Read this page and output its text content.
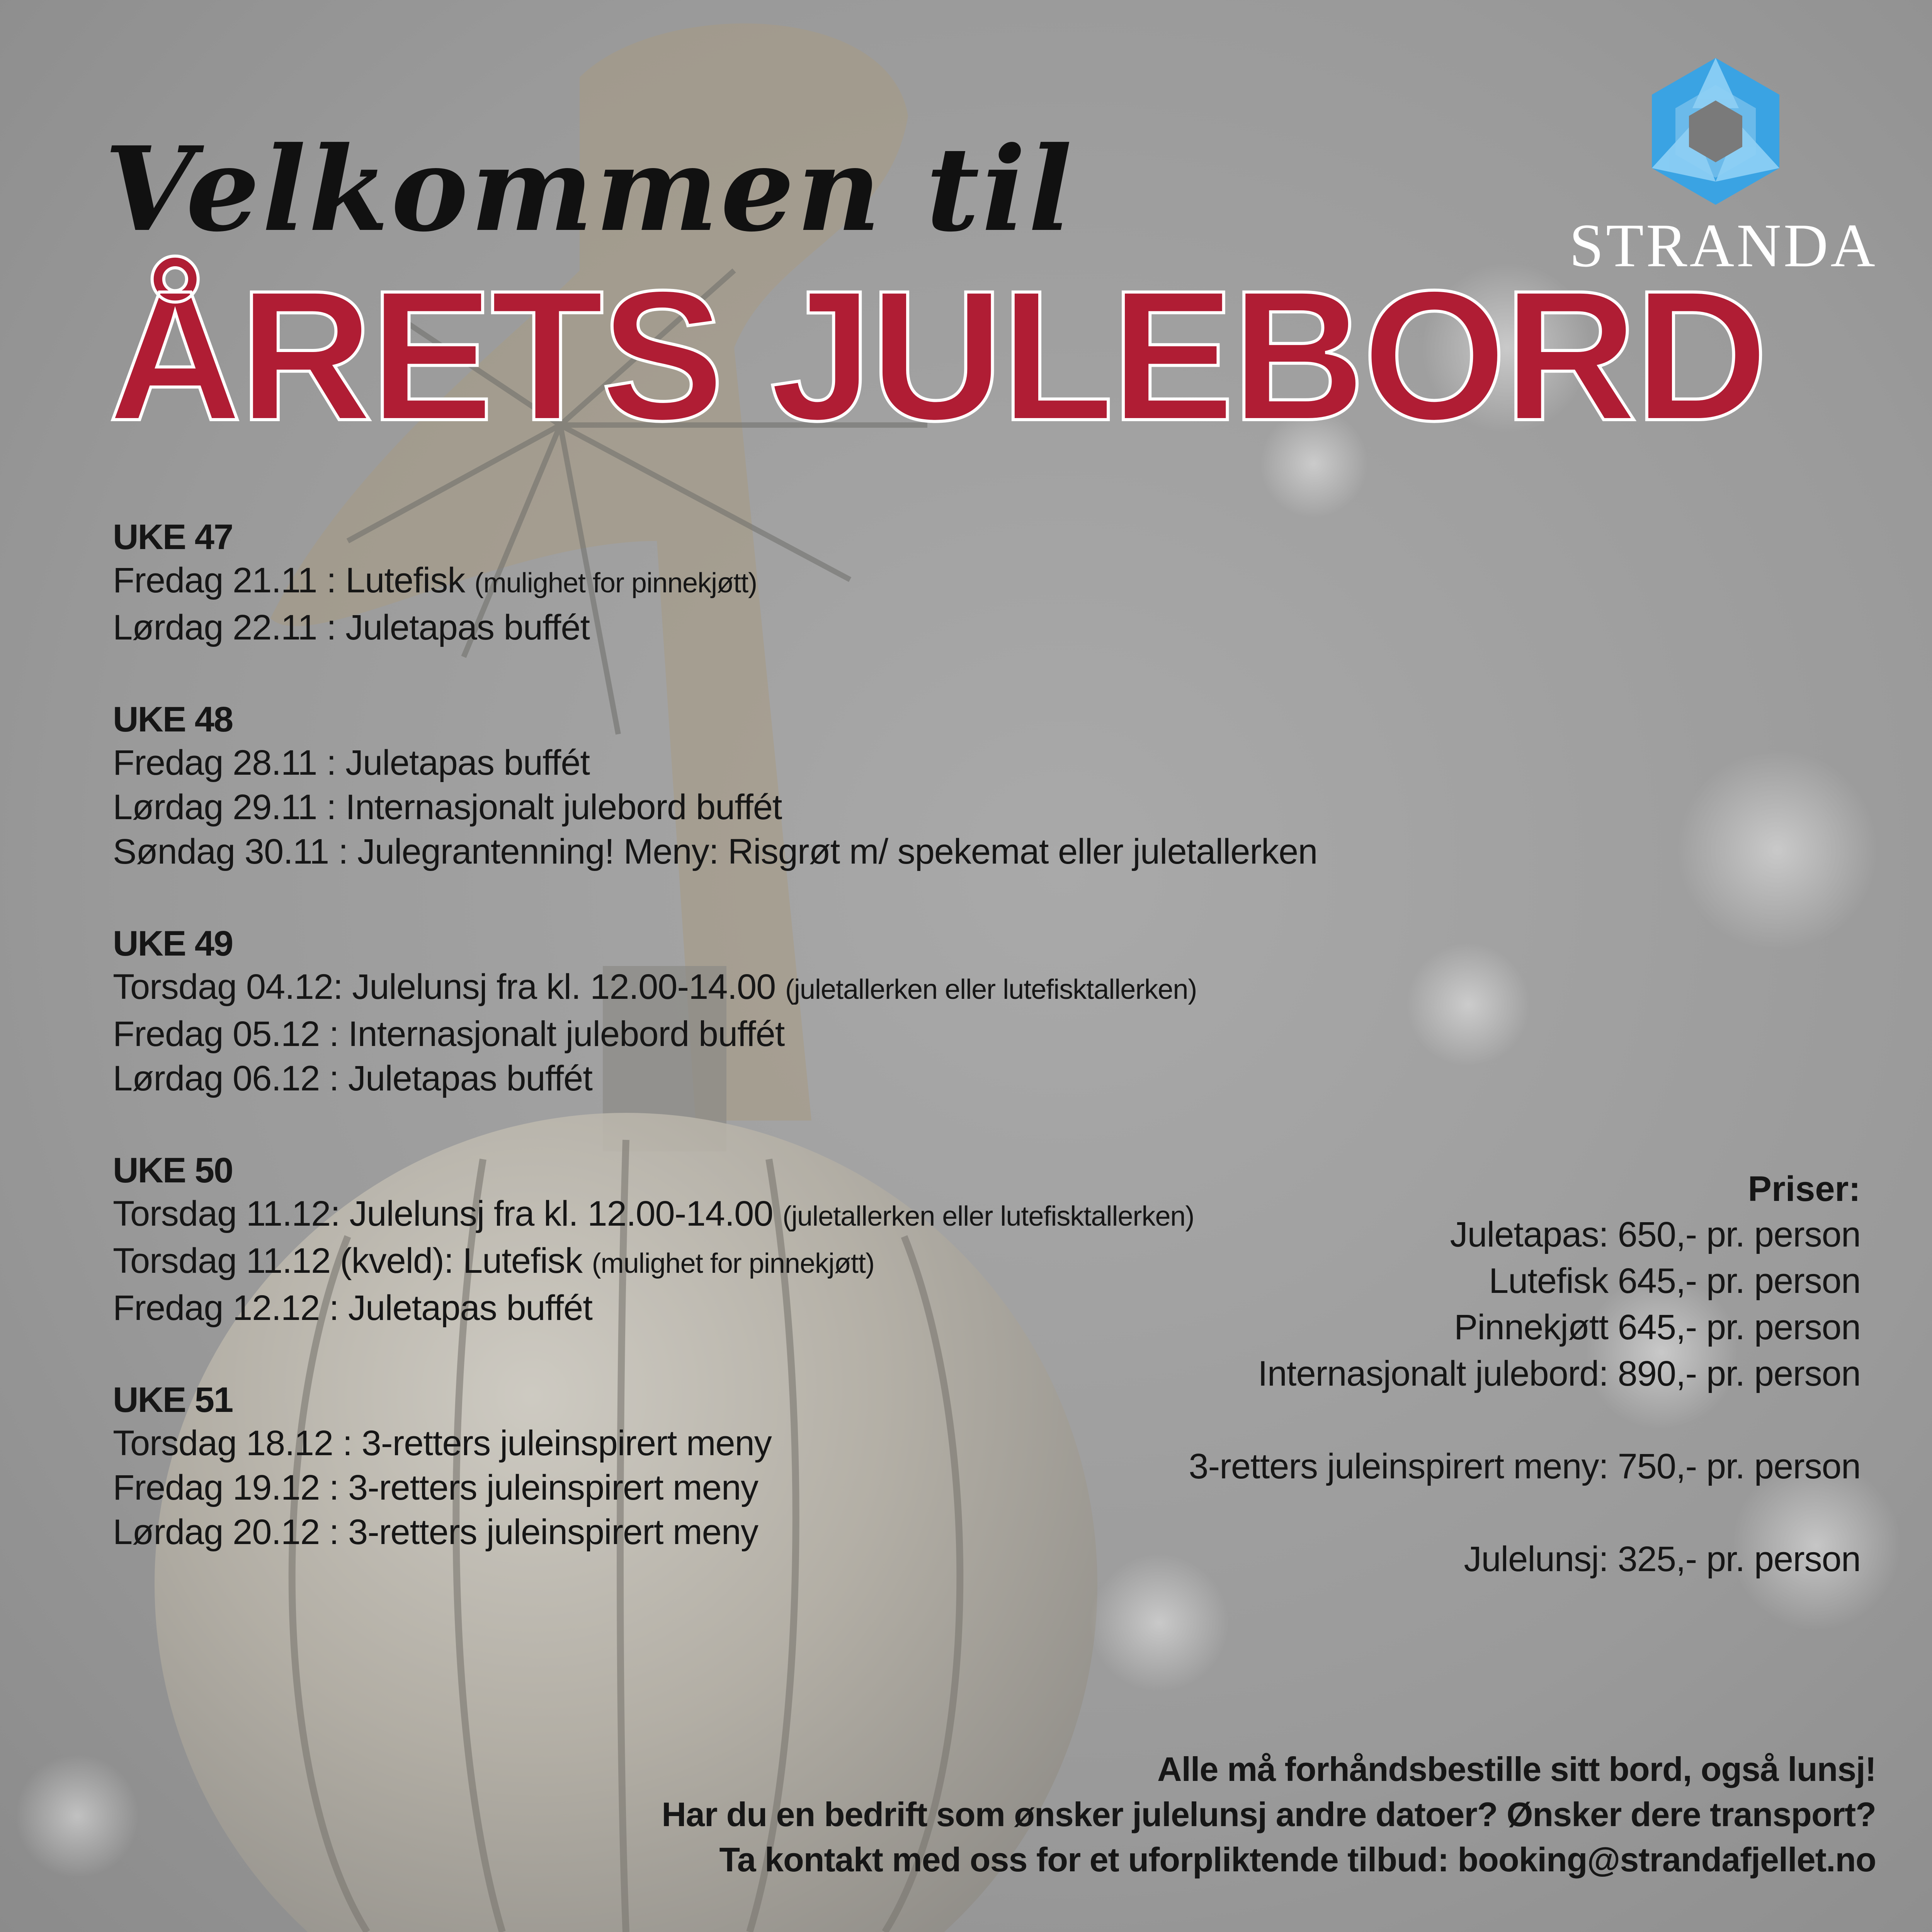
Velkommen til
ÅRETS JULEBORD
STRANDA
UKE 47
Fredag 21.11 : Lutefisk (mulighet for pinnekjøtt)
Lørdag 22.11 : Juletapas buffét
UKE 48
Fredag 28.11 : Juletapas buffét
Lørdag 29.11 : Internasjonalt julebord buffét
Søndag 30.11 : Julegrantenning! Meny: Risgrøt m/ spekemat eller juletallerken
UKE 49
Torsdag 04.12: Julelunsj fra kl. 12.00-14.00 (juletallerken eller lutefisktallerken)
Fredag 05.12 : Internasjonalt julebord buffét
Lørdag 06.12 : Juletapas buffét
UKE 50
Torsdag 11.12: Julelunsj fra kl. 12.00-14.00 (juletallerken eller lutefisktallerken)
Torsdag 11.12 (kveld): Lutefisk (mulighet for pinnekjøtt)
Fredag 12.12 : Juletapas buffét
UKE 51
Torsdag 18.12 : 3-retters juleinspirert meny
Fredag 19.12 : 3-retters juleinspirert meny
Lørdag 20.12 : 3-retters juleinspirert meny
Priser:
Juletapas: 650,- pr. person
Lutefisk 645,- pr. person
Pinnekjøtt 645,- pr. person
Internasjonalt julebord: 890,- pr. person
3-retters juleinspirert meny: 750,- pr. person
Julelunsj: 325,- pr. person
Alle må forhåndsbestille sitt bord, også lunsj!
Har du en bedrift som ønsker julelunsj andre datoer? Ønsker dere transport?
Ta kontakt med oss for et uforpliktende tilbud: booking@strandafjellet.no
